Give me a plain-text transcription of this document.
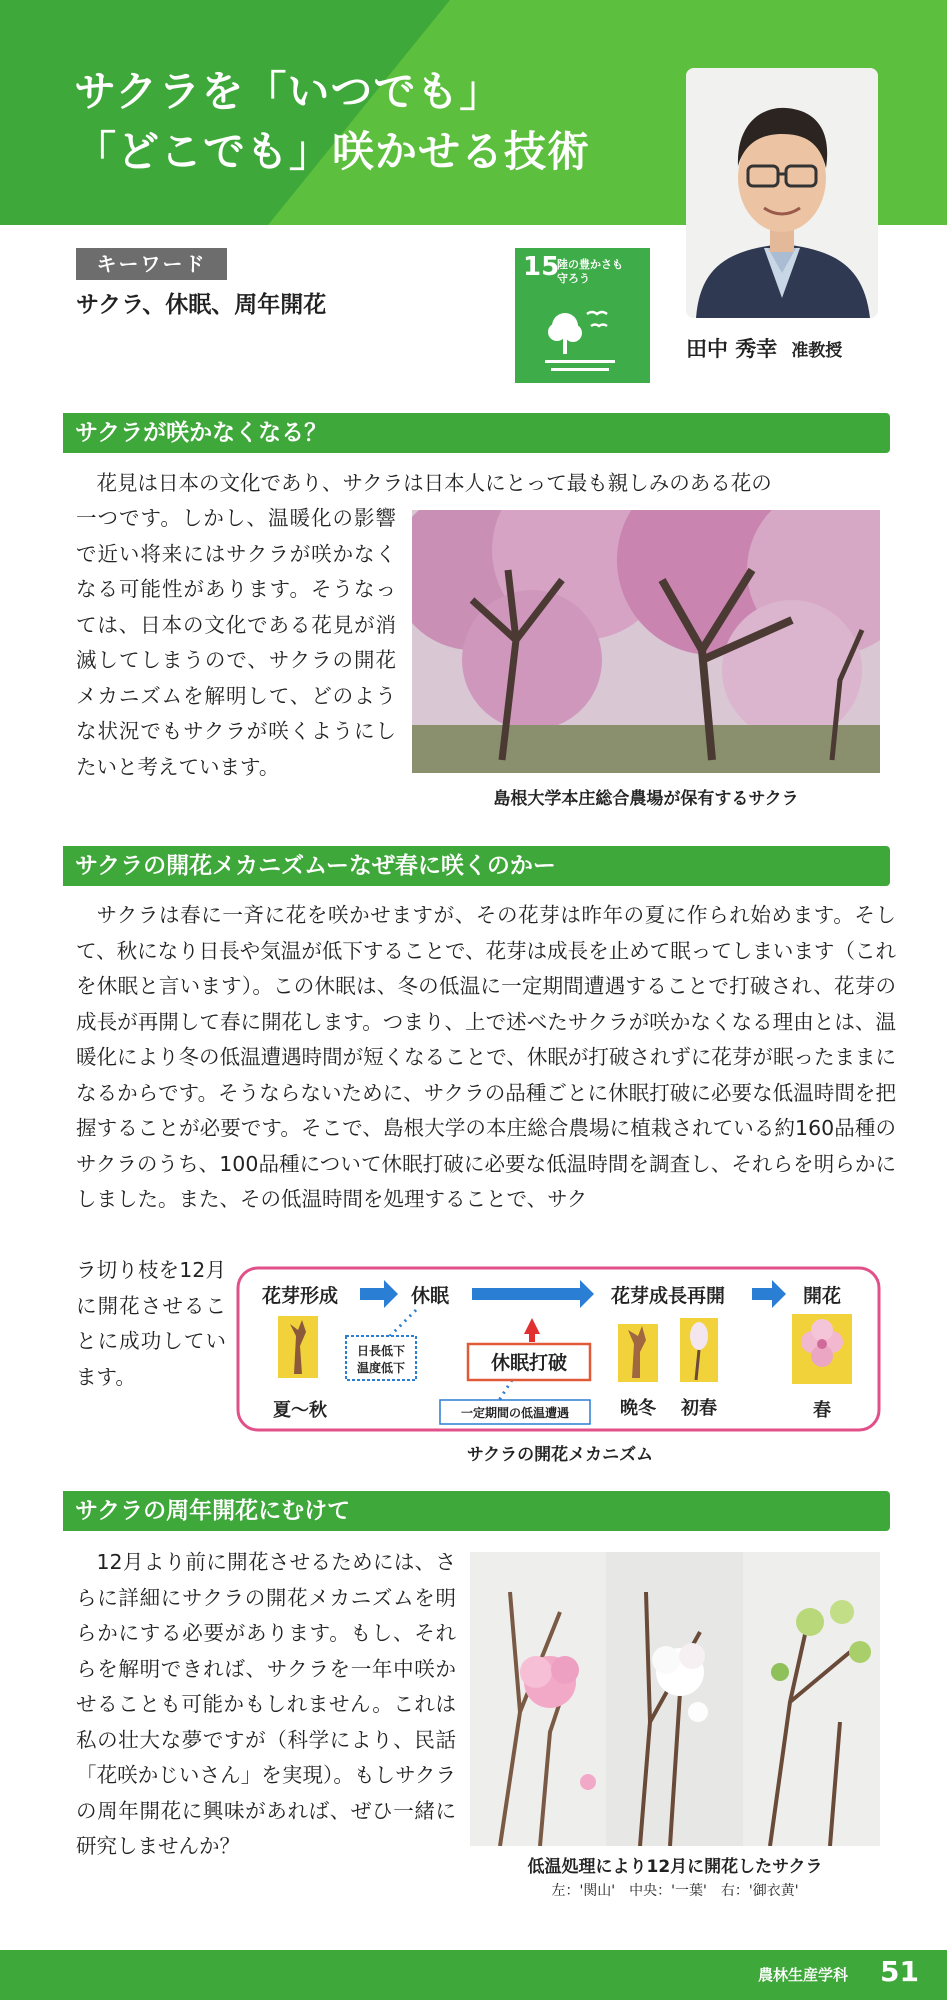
サクラを「いつでも」
「どこでも」咲かせる技術
田中 秀幸 准教授
キーワード
サクラ、休眠、周年開花
15
陸の豊かさも
守ろう
サクラが咲かなくなる？
花見は日本の文化であり、サクラは日本人にとって最も親しみのある花の
一つです。しかし、温暖化の影響で近い将来にはサクラが咲かなくなる可能性があります。そうなっては、日本の文化である花見が消滅してしまうので、サクラの開花メカニズムを解明して、どのような状況でもサクラが咲くようにしたいと考えています。
島根大学本庄総合農場が保有するサクラ
サクラの開花メカニズムーなぜ春に咲くのかー
サクラは春に一斉に花を咲かせますが、その花芽は昨年の夏に作られ始めます。そして、秋になり日長や気温が低下することで、花芽は成長を止めて眠ってしまいます（これを休眠と言います）。この休眠は、冬の低温に一定期間遭遇することで打破され、花芽の成長が再開して春に開花します。つまり、上で述べたサクラが咲かなくなる理由とは、温暖化により冬の低温遭遇時間が短くなることで、休眠が打破されずに花芽が眠ったままになるからです。そうならないために、サクラの品種ごとに休眠打破に必要な低温時間を把握することが必要です。そこで、島根大学の本庄総合農場に植栽されている約160品種のサクラのうち、100品種について休眠打破に必要な低温時間を調査し、それらを明らかにしました。また、その低温時間を処理することで、サク
ラ切り枝を12月に開花させることに成功しています。
花芽形成	休眠	花芽成長再開	開花
日長低下
温度低下	休眠打破
一定期間の低温遭遇
夏～秋	晩冬 初春	春
サクラの開花メカニズム
サクラの周年開花にむけて
12月より前に開花させるためには、さらに詳細にサクラの開花メカニズムを明らかにする必要があります。もし、それらを解明できれば、サクラを一年中咲かせることも可能かもしれません。これは私の壮大な夢ですが（科学により、民話「花咲かじいさん」を実現）。もしサクラの周年開花に興味があれば、ぜひ一緒に研究しませんか？
低温処理により12月に開花したサクラ
左：'関山'　中央：'一葉'　右：'御衣黄'
農林生産学科 51
